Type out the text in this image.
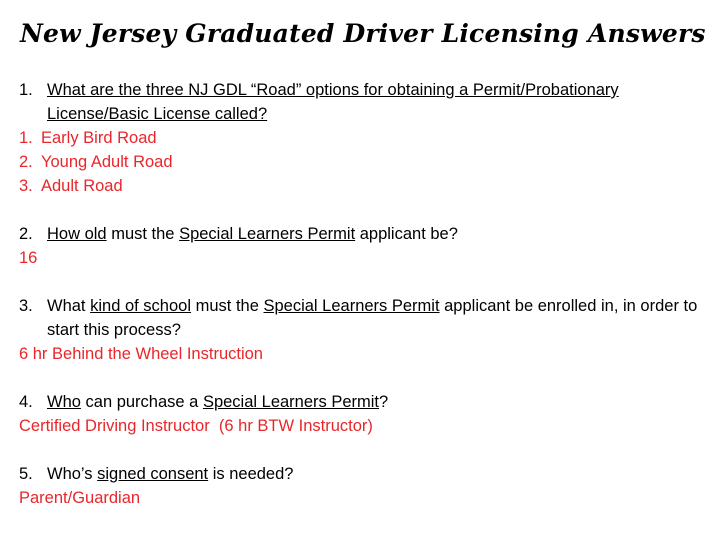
New Jersey Graduated Driver Licensing Answers
1. What are the three NJ GDL “Road” options for obtaining a Permit/Probationary License/Basic License called?
1. Early Bird Road
2. Young Adult Road
3. Adult Road
2. How old must the Special Learners Permit applicant be?
16
3. What kind of school must the Special Learners Permit applicant be enrolled in, in order to start this process?
6 hr Behind the Wheel Instruction
4. Who can purchase a Special Learners Permit?
Certified Driving Instructor  (6 hr BTW Instructor)
5. Who’s signed consent is needed?
Parent/Guardian
